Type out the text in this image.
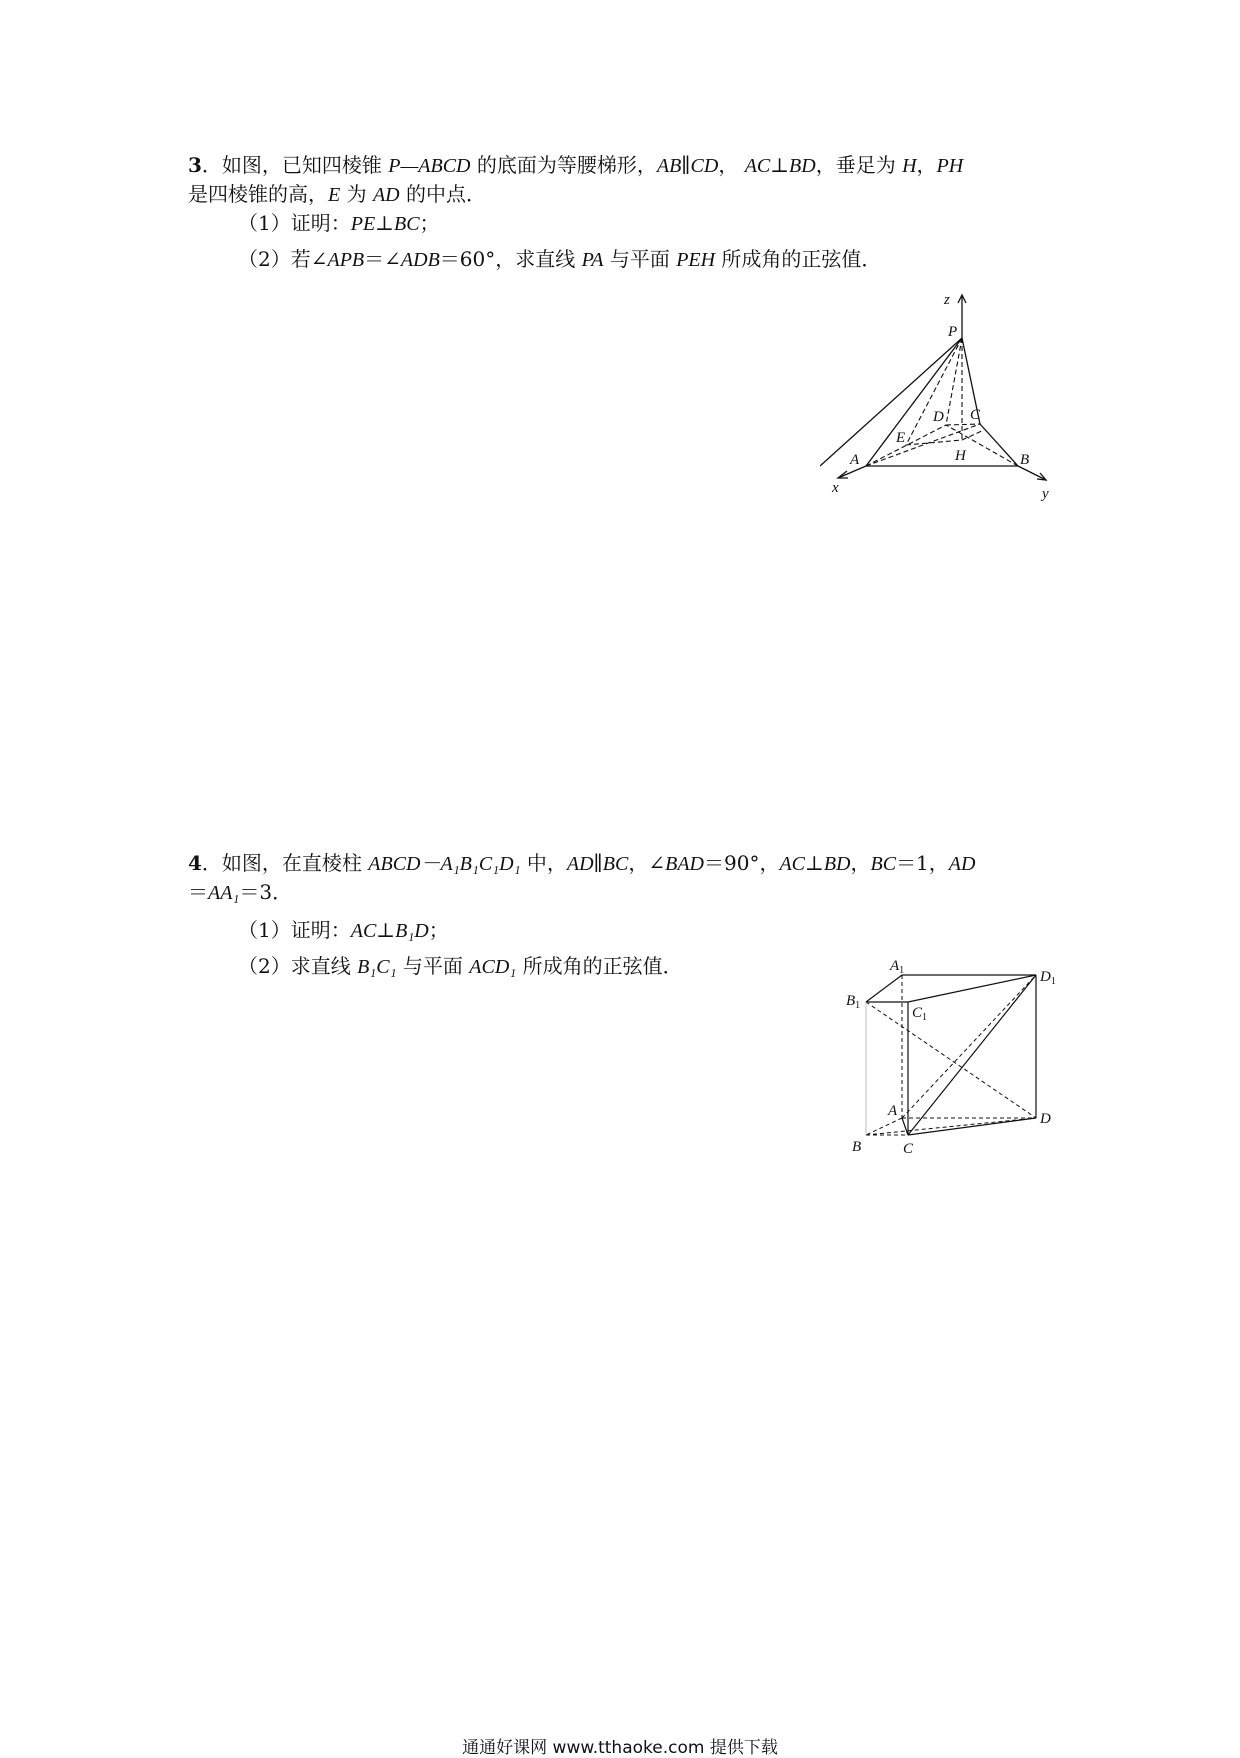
3．如图，已知四棱锥 P—ABCD 的底面为等腰梯形，AB∥CD， AC⊥BD，垂足为 H，PH
是四棱锥的高，E 为 AD 的中点．
（1）证明：PE⊥BC；
（2）若∠APB＝∠ADB＝60°，求直线 PA 与平面 PEH 所成角的正弦值．
z
P
D C
E
H
A	B
x	y
4．如图，在直棱柱 ABCD－A₁B₁C₁D₁ 中，AD∥BC，∠BAD＝90°，AC⊥BD，BC＝1，AD
＝AA₁＝3．
（1）证明：AC⊥B₁D；
（2）求直线 B₁C₁ 与平面 ACD₁ 所成角的正弦值．	$A_1$	$D_1$
$B_1$	$C_1$
A	D
B	C
通通好课网 www.tthaoke.com 提供下载
